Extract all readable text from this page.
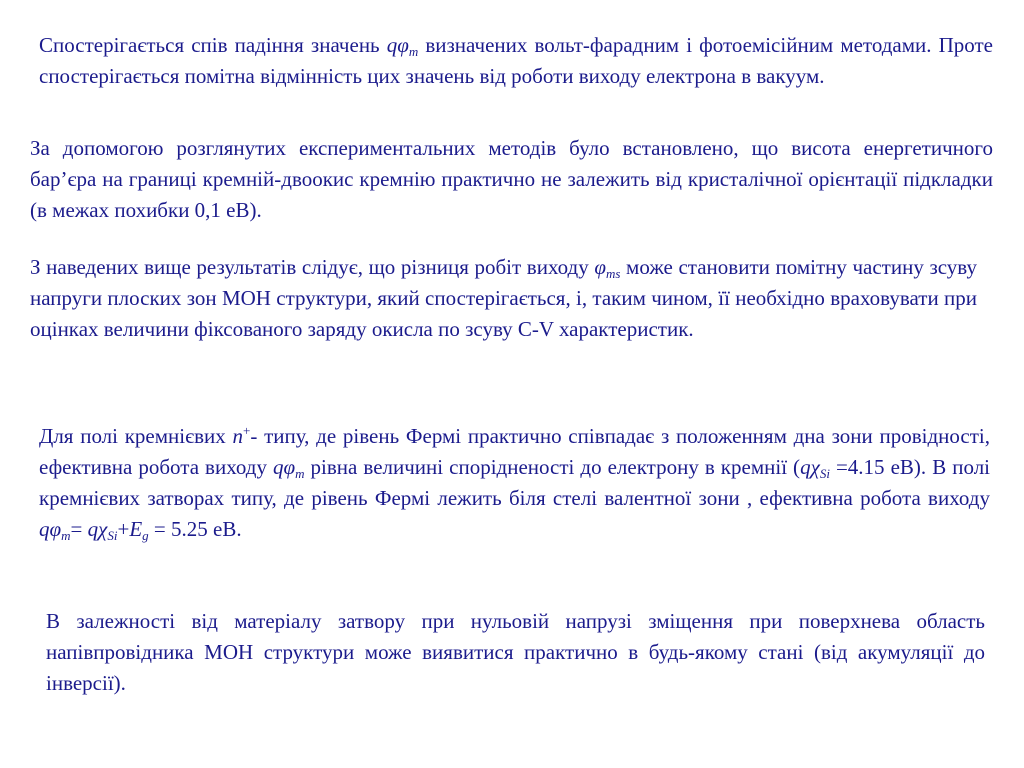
Спостерігається спів падіння значень $q\varphi_m$ визначених вольт-фарадним і фотоемісійним методами. Проте спостерігається помітна відмінність цих значень від роботи виходу електрона в вакуум.

За допомогою розглянутих експериментальних методів було встановлено, що висота енергетичного бар’єра на границі кремній-двоокис кремнію практично не залежить від кристалічної орієнтації підкладки (в межах похибки 0,1 еВ).

З наведених вище результатів слідує, що різниця робіт виходу $\varphi_{ms}$ може становити помітну частину зсуву напруги плоских зон МОН структури, який спостерігається, і, таким чином, її необхідно враховувати при оцінках величини фіксованого заряду окисла по зсуву C-V характеристик.

Для полі кремнієвих n+- типу, де рівень Фермі практично співпадає з положенням дна зони провідності, ефективна робота виходу $q\varphi_m$ рівна величині спорідненості до електрону в кремнії ($q\chi_{Si} =4.15$ еВ). В полі кремнієвих затворах типу, де рівень Фермі лежить біля стелі валентної зони , ефективна робота виходу $q\varphi_m= q\chi_{Si}+E_g = 5.25$ еВ.

В залежності від матеріалу затвору при нульовій напрузі зміщення при поверхнева область напівпровідника МОН структури може виявитися практично в будь-якому стані (від акумуляції до інверсії).
